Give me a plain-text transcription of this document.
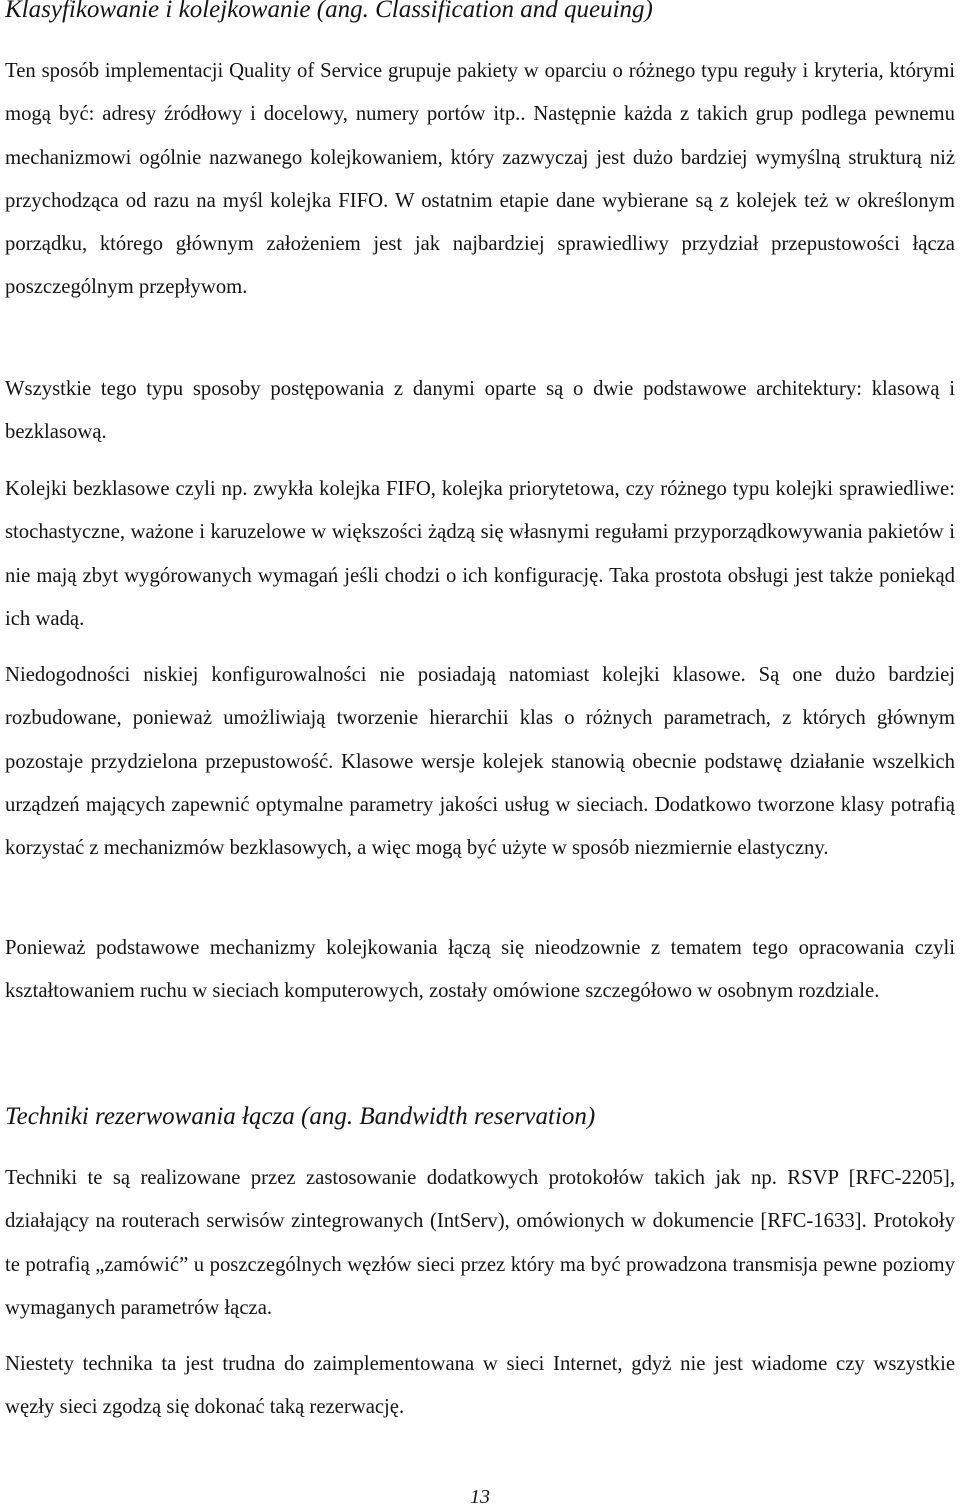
Klasyfikowanie i kolejkowanie (ang. Classification and queuing)

Ten sposób implementacji Quality of Service grupuje pakiety w oparciu o różnego typu reguły i kryteria, którymi mogą być: adresy źródłowy i docelowy, numery portów itp.. Następnie każda z takich grup podlega pewnemu mechanizmowi ogólnie nazwanego kolejkowaniem, który zazwyczaj jest dużo bardziej wymyślną strukturą niż przychodząca od razu na myśl kolejka FIFO. W ostatnim etapie dane wybierane są z kolejek też w określonym porządku, którego głównym założeniem jest jak najbardziej sprawiedliwy przydział przepustowości łącza poszczególnym przepływom.

Wszystkie tego typu sposoby postępowania z danymi oparte są o dwie podstawowe architektury: klasową i bezklasową.

Kolejki bezklasowe czyli np. zwykła kolejka FIFO, kolejka priorytetowa, czy różnego typu kolejki sprawiedliwe: stochastyczne, ważone i karuzelowe w większości żądzą się własnymi regułami przyporządkowywania pakietów i nie mają zbyt wygórowanych wymagań jeśli chodzi o ich konfigurację. Taka prostota obsługi jest także poniekąd ich wadą.

Niedogodności niskiej konfigurowalności nie posiadają natomiast kolejki klasowe. Są one dużo bardziej rozbudowane, ponieważ umożliwiają tworzenie hierarchii klas o różnych parametrach, z których głównym pozostaje przydzielona przepustowość. Klasowe wersje kolejek stanowią obecnie podstawę działanie wszelkich urządzeń mających zapewnić optymalne parametry jakości usług w sieciach. Dodatkowo tworzone klasy potrafią korzystać z mechanizmów bezklasowych, a więc mogą być użyte w sposób niezmiernie elastyczny.

Ponieważ podstawowe mechanizmy kolejkowania łączą się nieodzownie z tematem tego opracowania czyli kształtowaniem ruchu w sieciach komputerowych, zostały omówione szczegółowo w osobnym rozdziale.

Techniki rezerwowania łącza (ang. Bandwidth reservation)

Techniki te są realizowane przez zastosowanie dodatkowych protokołów takich jak np. RSVP [RFC-2205], działający na routerach serwisów zintegrowanych (IntServ), omówionych w dokumencie [RFC-1633]. Protokoły te potrafią „zamówić” u poszczególnych węzłów sieci przez który ma być prowadzona transmisja pewne poziomy wymaganych parametrów łącza.

Niestety technika ta jest trudna do zaimplementowana w sieci Internet, gdyż nie jest wiadome czy wszystkie węzły sieci zgodzą się dokonać taką rezerwację.

13
